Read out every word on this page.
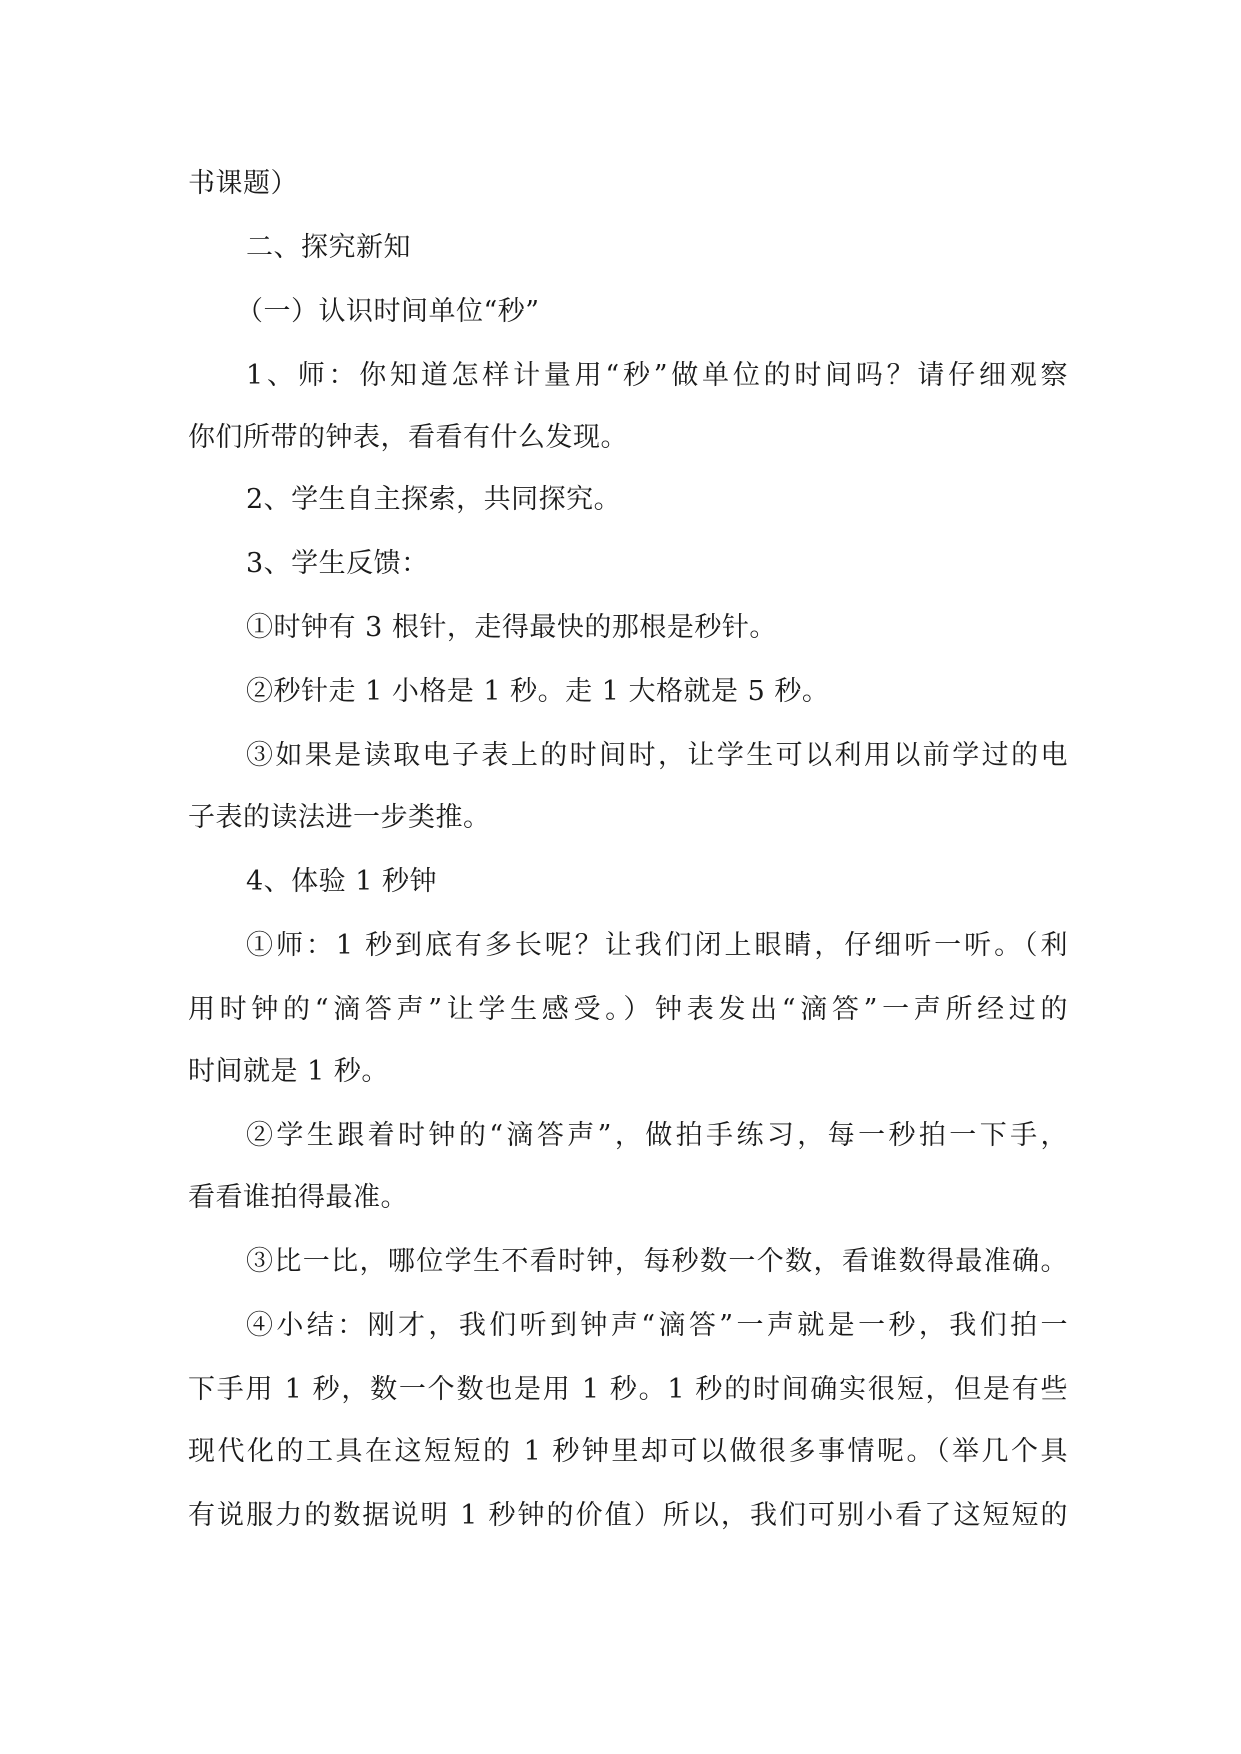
书课题）
二、探究新知
（一）认识时间单位“秒”
1、师：你知道怎样计量用“秒”做单位的时间吗？请仔细观察
你们所带的钟表，看看有什么发现。
2、学生自主探索，共同探究。
3、学生反馈：
①时钟有 3 根针，走得最快的那根是秒针。
②秒针走 1 小格是 1 秒。走 1 大格就是 5 秒。
③如果是读取电子表上的时间时，让学生可以利用以前学过的电
子表的读法进一步类推。
4、体验 1 秒钟
①师：1 秒到底有多长呢？让我们闭上眼睛，仔细听一听。（利
用时钟的“滴答声”让学生感受。）钟表发出“滴答”一声所经过的
时间就是 1 秒。
②学生跟着时钟的“滴答声”，做拍手练习，每一秒拍一下手，
看看谁拍得最准。
③比一比，哪位学生不看时钟，每秒数一个数，看谁数得最准确。
④小结：刚才，我们听到钟声“滴答”一声就是一秒，我们拍一
下手用 1 秒，数一个数也是用 1 秒。1 秒的时间确实很短，但是有些
现代化的工具在这短短的 1 秒钟里却可以做很多事情呢。（举几个具
有说服力的数据说明 1 秒钟的价值）所以，我们可别小看了这短短的
